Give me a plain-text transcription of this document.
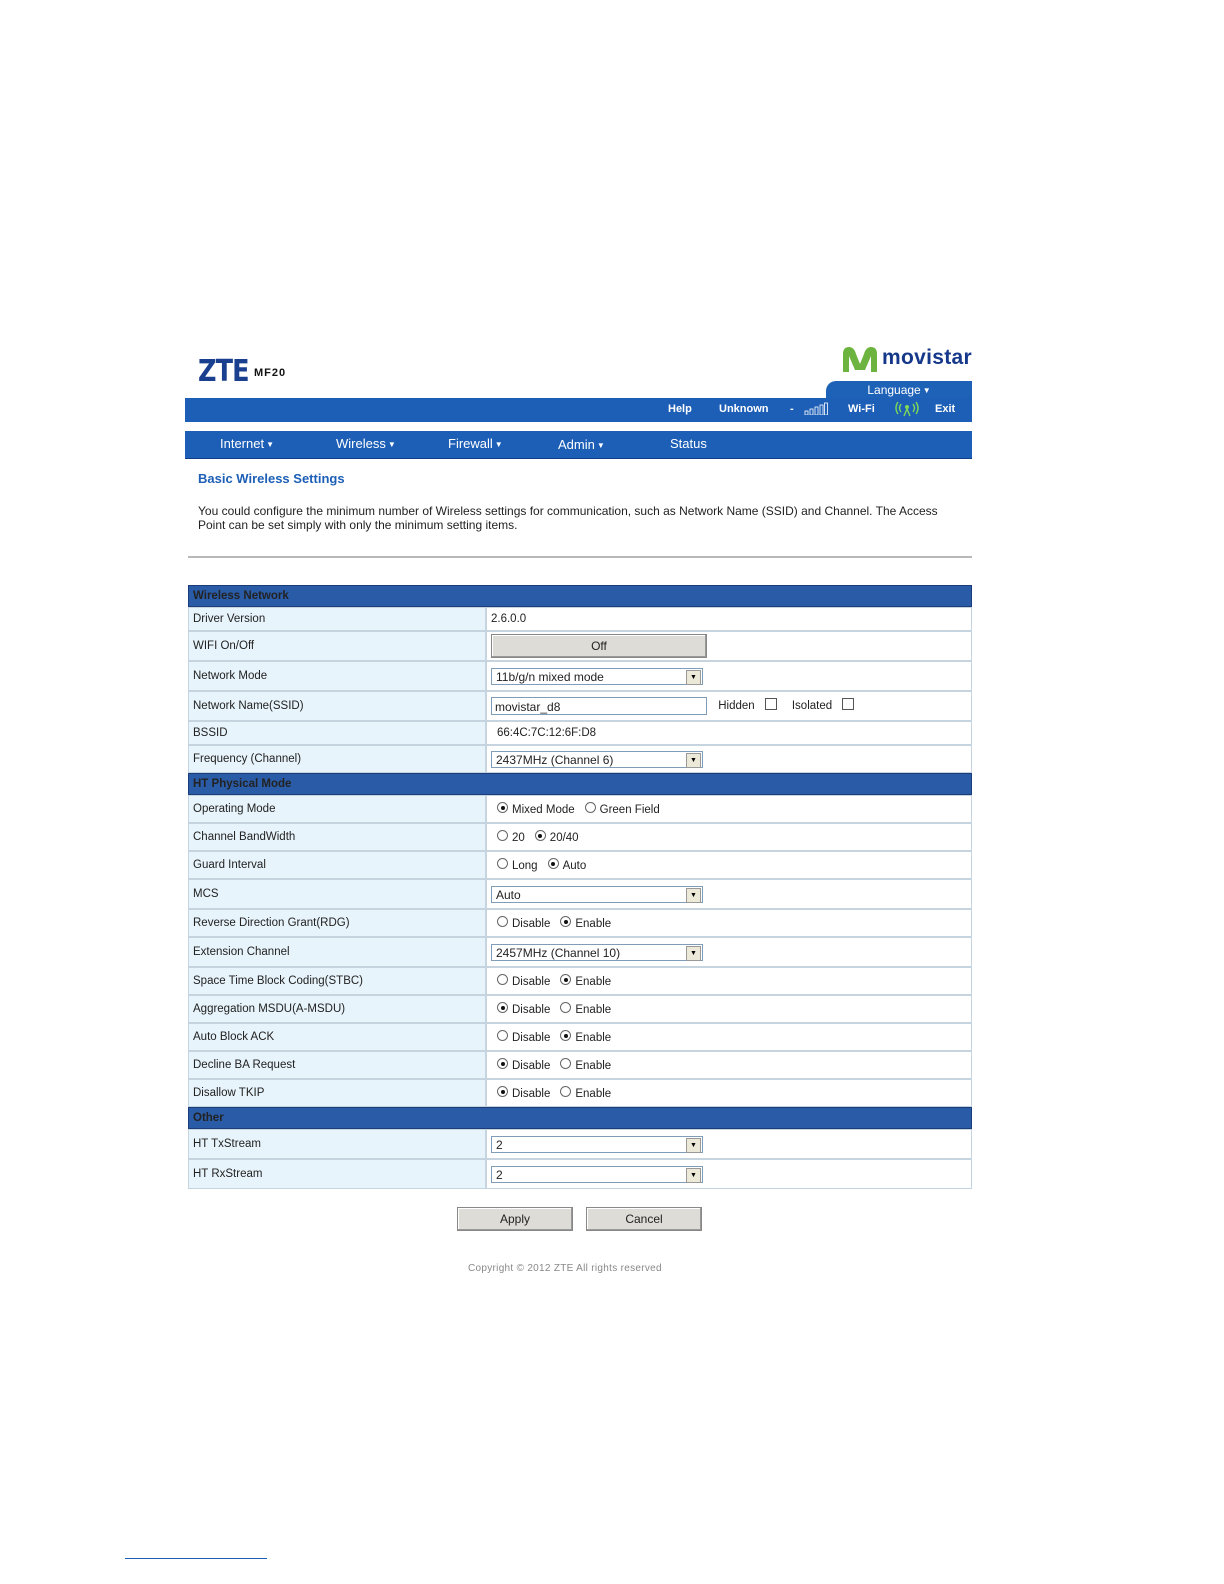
ZTE MF20
movistar
Language ▼
Help Unknown -	Wi-Fi	Exit
Internet ▼	Wireless ▼	Firewall ▼	Admin ▼	Status
Basic Wireless Settings
You could configure the minimum number of Wireless settings for communication, such as Network Name (SSID) and Channel. The Access Point can be set simply with only the minimum setting items.
Wireless Network	
Driver Version	2.6.0.0
WIFI On/Off	Off
Network Mode	11b/g/n mixed mode ▼

Network Name(SSID)	movistar_d8 Hidden Isolated
BSSID	66:4C:7C:12:6F:D8
Frequency (Channel)	2437MHz (Channel 6) ▼

HT Physical Mode	
Operating Mode	Mixed Mode Green Field
Channel BandWidth	20 20/40
Guard Interval	Long Auto
MCS	Auto ▼

Reverse Direction Grant(RDG)	Disable Enable
Extension Channel	2457MHz (Channel 10) ▼

Space Time Block Coding(STBC)	Disable Enable
Aggregation MSDU(A-MSDU)	Disable Enable
Auto Block ACK	Disable Enable
Decline BA Request	Disable Enable
Disallow TKIP	Disable Enable
Other	
HT TxStream	2 ▼

HT RxStream	2 ▼
Apply	Cancel
Copyright © 2012 ZTE All rights reserved
